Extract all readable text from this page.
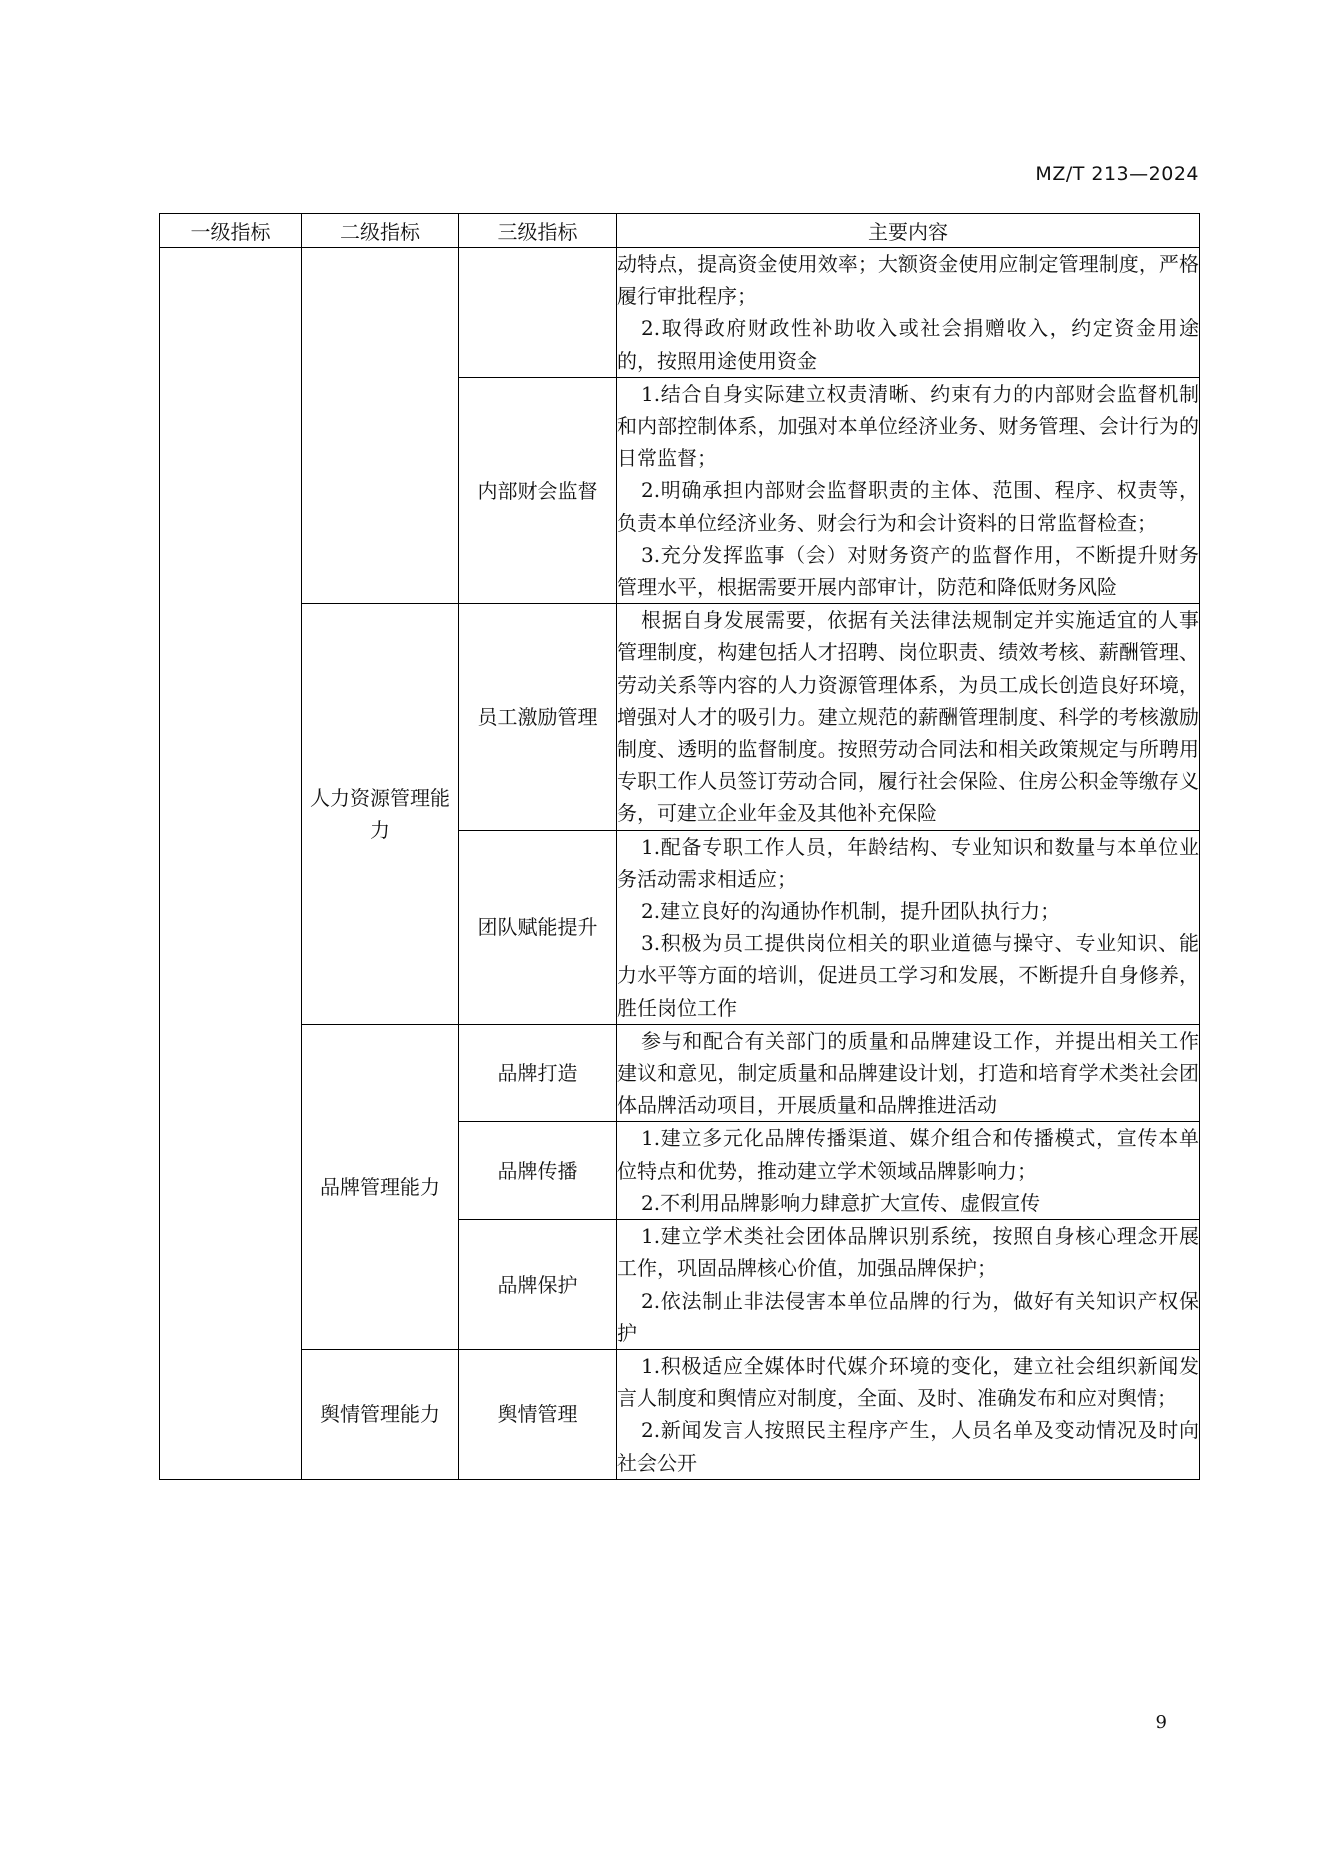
MZ/T 213—2024
一级指标	二级指标	三级指标	主要内容

			动特点，提高资金使用效率；大额资金使用应制定管理制度，严格履行审批程序；

2.取得政府财政性补助收入或社会捐赠收入，约定资金用途的，按照用途使用资金

		内部财会监督	1.结合自身实际建立权责清晰、约束有力的内部财会监督机制和内部控制体系，加强对本单位经济业务、财务管理、会计行为的日常监督；

2.明确承担内部财会监督职责的主体、范围、程序、权责等，负责本单位经济业务、财会行为和会计资料的日常监督检查；

3.充分发挥监事（会）对财务资产的监督作用，不断提升财务管理水平，根据需要开展内部审计，防范和降低财务风险

	人力资源管理能力	员工激励管理	根据自身发展需要，依据有关法律法规制定并实施适宜的人事管理制度，构建包括人才招聘、岗位职责、绩效考核、薪酬管理、劳动关系等内容的人力资源管理体系，为员工成长创造良好环境，增强对人才的吸引力。建立规范的薪酬管理制度、科学的考核激励制度、透明的监督制度。按照劳动合同法和相关政策规定与所聘用专职工作人员签订劳动合同，履行社会保险、住房公积金等缴存义务，可建立企业年金及其他补充保险

		团队赋能提升	1.配备专职工作人员，年龄结构、专业知识和数量与本单位业务活动需求相适应；

2.建立良好的沟通协作机制，提升团队执行力；

3.积极为员工提供岗位相关的职业道德与操守、专业知识、能力水平等方面的培训，促进员工学习和发展，不断提升自身修养，胜任岗位工作

	品牌管理能力	品牌打造	参与和配合有关部门的质量和品牌建设工作，并提出相关工作建议和意见，制定质量和品牌建设计划，打造和培育学术类社会团体品牌活动项目，开展质量和品牌推进活动

		品牌传播	1.建立多元化品牌传播渠道、媒介组合和传播模式，宣传本单位特点和优势，推动建立学术领域品牌影响力；

2.不利用品牌影响力肆意扩大宣传、虚假宣传

		品牌保护	1.建立学术类社会团体品牌识别系统，按照自身核心理念开展工作，巩固品牌核心价值，加强品牌保护；

2.依法制止非法侵害本单位品牌的行为，做好有关知识产权保护

	舆情管理能力	舆情管理	1.积极适应全媒体时代媒介环境的变化，建立社会组织新闻发言人制度和舆情应对制度，全面、及时、准确发布和应对舆情；

2.新闻发言人按照民主程序产生，人员名单及变动情况及时向社会公开

9
